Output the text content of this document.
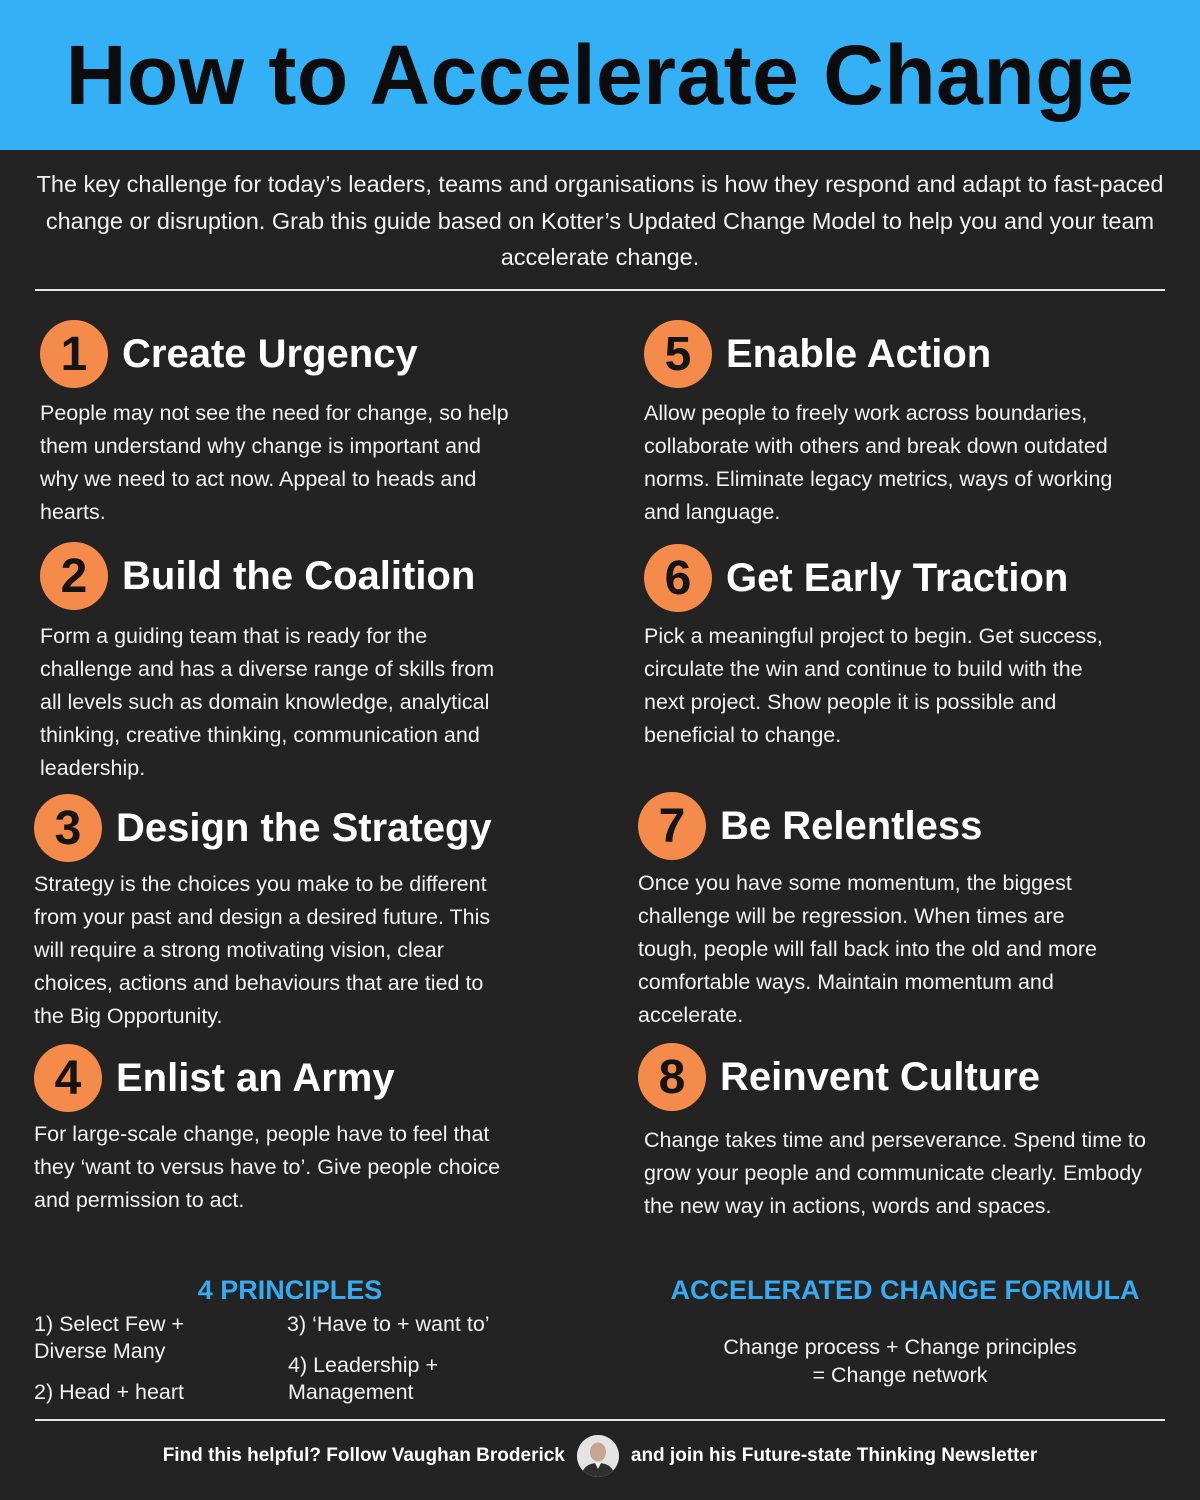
How to Accelerate Change
The key challenge for today’s leaders, teams and organisations is how they respond and adapt to fast-paced change or disruption. Grab this guide based on Kotter’s Updated Change Model to help you and your team accelerate change.
1 Create Urgency

People may not see the need for change, so help them understand why change is important and why we need to act now. Appeal to heads and hearts.

2 Build the Coalition

Form a guiding team that is ready for the challenge and has a diverse range of skills from all levels such as domain knowledge, analytical thinking, creative thinking, communication and leadership.

3 Design the Strategy

Strategy is the choices you make to be different from your past and design a desired future. This will require a strong motivating vision, clear choices, actions and behaviours that are tied to the Big Opportunity.

4 Enlist an Army

For large-scale change, people have to feel that they ‘want to versus have to’. Give people choice and permission to act.

5 Enable Action

Allow people to freely work across boundaries, collaborate with others and break down outdated norms. Eliminate legacy metrics, ways of working and language.

6 Get Early Traction

Pick a meaningful project to begin. Get success, circulate the win and continue to build with the next project. Show people it is possible and beneficial to change.

7 Be Relentless

Once you have some momentum, the biggest challenge will be regression. When times are tough, people will fall back into the old and more comfortable ways. Maintain momentum and accelerate.

8 Reinvent Culture

Change takes time and perseverance. Spend time to grow your people and communicate clearly. Embody the new way in actions, words and spaces.

4 PRINCIPLES
1) Select Few + Diverse Many
2) Head + heart
3) ‘Have to + want to’
4) Leadership + Management
ACCELERATED CHANGE FORMULA
Change process + Change principles
= Change network
Find this helpful? Follow Vaughan Broderick	and join his Future-state Thinking Newsletter
